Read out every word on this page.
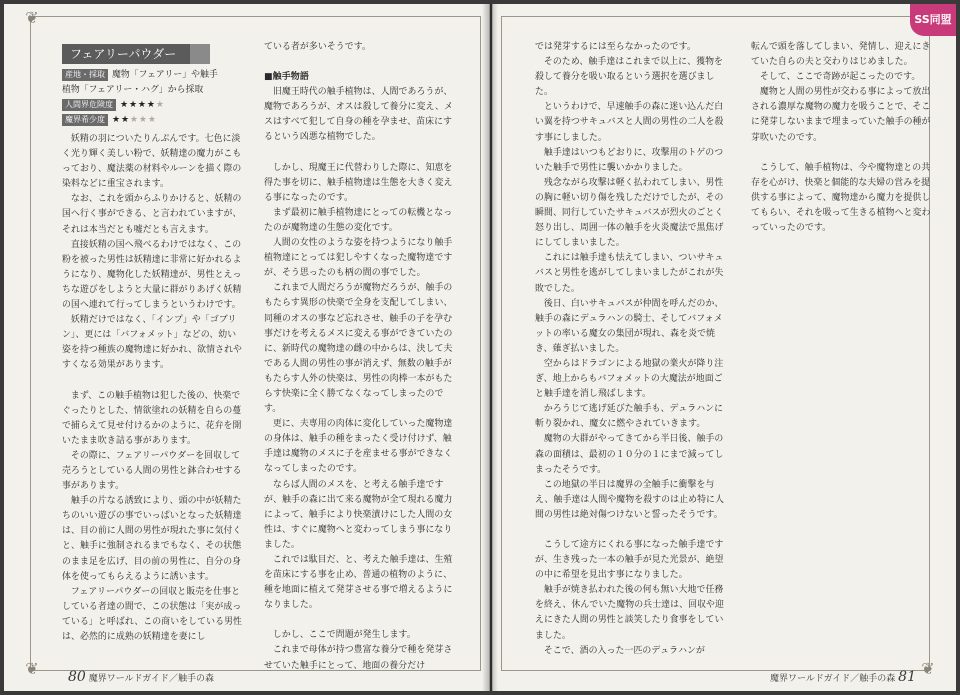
❦
❦
フェアリーパウダー
産地・採取 魔物「フェアリー」や触手
植物「フェアリー・ハグ」から採取
人間界危険度 ★★★★★
魔界希少度 ★★★★★

妖精の羽についたりんぷんです。七色に淡く光り輝く美しい粉で、妖精達の魔力がこもっており、魔法薬の材料やルーンを描く際の染料などに重宝されます。

なお、これを頭からふりかけると、妖精の国へ行く事ができる、と言われていますが、それは本当だとも嘘だとも言えます。

直接妖精の国へ飛べるわけではなく、この粉を被った男性は妖精達に非常に好かれるようになり、魔物化した妖精達が、男性とえっちな遊びをしようと大量に群がりあげく妖精の国へ連れて行ってしまうというわけです。

妖精だけではなく、「インプ」や「ゴブリン」、更には「バフォメット」などの、幼い姿を持つ種族の魔物達に好かれ、欲情されやすくなる効果があります。

まず、この触手植物は犯した後の、快楽でぐったりとした、情欲塗れの妖精を自らの蔓で捕らえて見せ付けるかのように、花弁を開いたまま吹き詰る事があります。

その際に、フェアリーパウダーを回収して売ろうとしている人間の男性と鉢合わせする事があります。

触手の片なる誘致により、頭の中が妖精たちのいい遊びの事でいっぱいとなった妖精達は、目の前に人間の男性が現れた事に気付くと、触手に強制されるまでもなく、その状態のまま足を広げ、目の前の男性に、自分の身体を使ってもらえるように誘います。

フェアリーパウダーの回収と販売を仕事としている者達の間で、この状態は「実が成っている」と呼ばれ、この商いをしている男性は、必然的に成熟の妖精達を妻にし

ている者が多いそうです。

■触手物語

旧魔王時代の触手植物は、人間であろうが、魔物であろうが、オスは殺して養分に変え、メスはすべて犯して自身の種を孕ませ、苗床にするという凶悪な植物でした。

しかし、現魔王に代替わりした際に、知恵を得た事を切に、触手植物達は生態を大きく変える事になったのです。

まず最初に触手植物達にとっての転機となったのが魔物達の生態の変化です。

人間の女性のような姿を持つようになり触手植物達にとっては犯しやすくなった魔物達ですが、そう思ったのも柄の間の事でした。

これまで人間だろうが魔物だろうが、触手のもたらす異形の快楽で全身を支配してしまい、同種のオスの事など忘れさせ、触手の子を孕む事だけを考えるメスに変える事ができていたのに、新時代の魔物達の雌の中からは、決して夫である人間の男性の事が消えず、無数の触手がもたらす人外の快楽は、男性の肉棒一本がもたらす快楽に全く勝てなくなってしまったのです。

更に、夫専用の肉体に変化していった魔物達の身体は、触手の種をまったく受け付けず、触手達は魔物のメスに子を産ませる事ができなくなってしまったのです。

ならば人間のメスを、と考える触手達ですが、触手の森に出て来る魔物が全て現れる魔力によって、触手により快楽漬けにした人間の女性は、すぐに魔物へと変わってしまう事になりました。

これでは駄目だ、と、考えた触手達は、生殖を苗床にする事を止め、普通の植物のように、種を地面に植えて発芽させる事で増えるようになりました。

しかし、ここで問題が発生します。

これまで母体が持つ豊富な養分で種を発芽させていた触手にとって、地面の養分だけ

80 魔界ワールドガイド／触手の森
❦
SS同盟

では発芽するには至らなかったのです。

そのため、触手達はこれまで以上に、獲物を殺して養分を吸い取るという選択を選びました。

というわけで、早速触手の森に迷い込んだ白い翼を持つサキュバスと人間の男性の二人を殺す事にしました。

触手達はいつもどおりに、攻撃用のトゲのついた触手で男性に襲いかかりました。

残念ながら攻撃は軽く払われてしまい、男性の胸に軽い切り傷を残しただけでしたが、その瞬間、同行していたサキュバスが烈火のごとく怒り出し、周囲一体の触手を火炎魔法で黒焦げにしてしまいました。

これには触手達も怯えてしまい、ついサキュバスと男性を逃がしてしまいましたがこれが失敗でした。

後日、白いサキュバスが仲間を呼んだのか、触手の森にデュラハンの騎士、そしてバフォメットの率いる魔女の集団が現れ、森を炎で焼き、薙ぎ払いました。

空からはドラゴンによる地獄の業火が降り注ぎ、地上からもバフォメットの大魔法が地面ごと触手達を消し飛ばします。

かろうじて逃げ延びた触手も、デュラハンに斬り裂かれ、魔女に燃やされていきます。

魔物の大群がやってきてから半日後、触手の森の面積は、最初の１０分の１にまで減ってしまったそうです。

この地獄の半日は魔界の全触手に衝撃を与え、触手達は人間や魔物を殺すのは止め特に人間の男性は絶対傷つけないと誓ったそうです。

こうして途方にくれる事になった触手達ですが、生き残った一本の触手が見た光景が、絶望の中に希望を見出す事になりました。

触手が焼き払われた後の何も無い大地で任務を終え、休んでいた魔物の兵士達は、回収や迎えにきた人間の男性と談笑したり食事をしていました。

そこで、酒の入った一匹のデュラハンが

転んで頭を落してしまい、発情し、迎えにきていた自らの夫と交わりはじめました。

そして、ここで奇跡が起こったのです。

魔物と人間の男性が交わる事によって放出される濃厚な魔物の魔力を吸うことで、そこに発芽しないままで埋まっていた触手の種が芽吹いたのです。

こうして、触手植物は、今や魔物達との共存を心がけ、快楽と個能的な夫婦の営みを提供する事によって、魔物達から魔力を提供してもらい、それを吸って生きる植物へと変わっていったのです。

魔界ワールドガイド／触手の森 81
